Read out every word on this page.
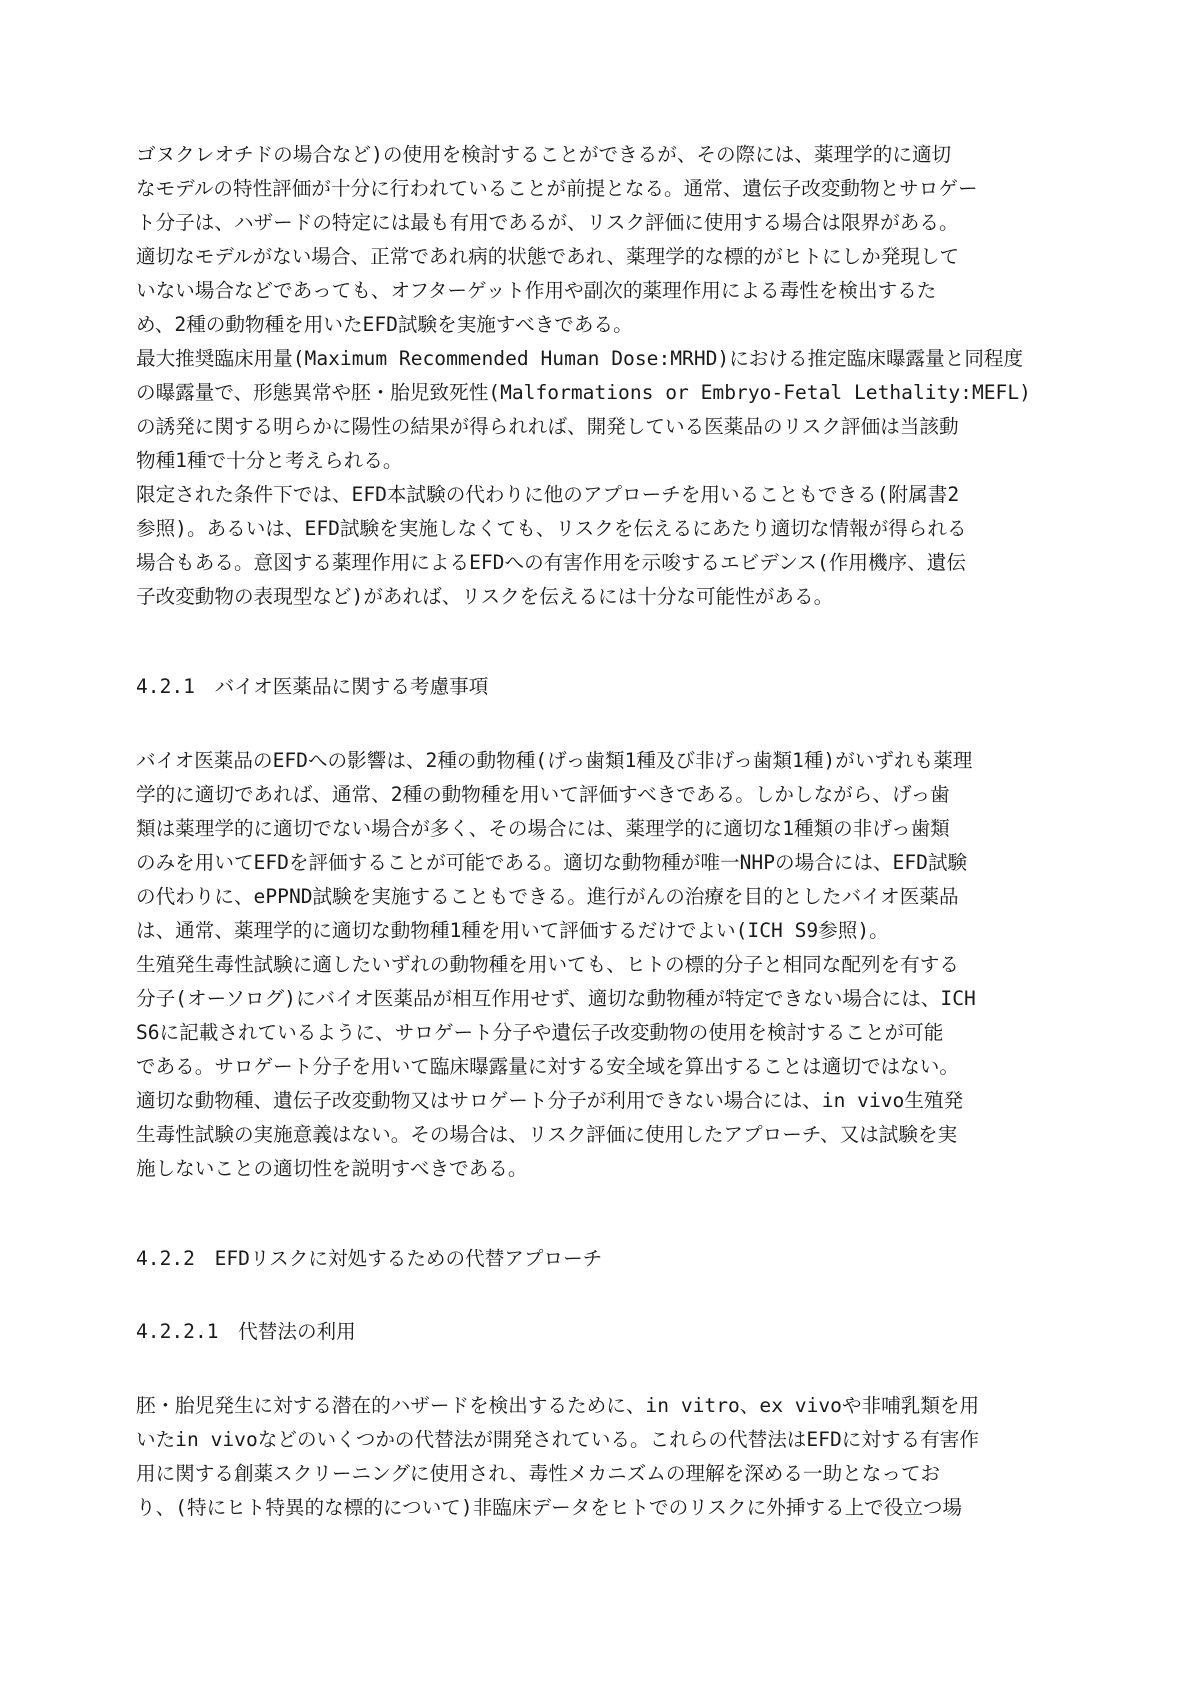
ゴヌクレオチドの場合など)の使用を検討することができるが、その際には、薬理学的に適切
なモデルの特性評価が十分に行われていることが前提となる。通常、遺伝子改変動物とサロゲー
ト分子は、ハザードの特定には最も有用であるが、リスク評価に使用する場合は限界がある。
適切なモデルがない場合、正常であれ病的状態であれ、薬理学的な標的がヒトにしか発現して
いない場合などであっても、オフターゲット作用や副次的薬理作用による毒性を検出するた
め、2種の動物種を用いたEFD試験を実施すべきである。
最大推奨臨床用量(Maximum Recommended Human Dose:MRHD)における推定臨床曝露量と同程度
の曝露量で、形態異常や胚・胎児致死性(Malformations or Embryo-Fetal Lethality:MEFL)
の誘発に関する明らかに陽性の結果が得られれば、開発している医薬品のリスク評価は当該動
物種1種で十分と考えられる。
限定された条件下では、EFD本試験の代わりに他のアプローチを用いることもできる(附属書2
参照)。あるいは、EFD試験を実施しなくても、リスクを伝えるにあたり適切な情報が得られる
場合もある。意図する薬理作用によるEFDへの有害作用を示唆するエビデンス(作用機序、遺伝
子改変動物の表現型など)があれば、リスクを伝えるには十分な可能性がある。
4.2.1　バイオ医薬品に関する考慮事項
バイオ医薬品のEFDへの影響は、2種の動物種(げっ歯類1種及び非げっ歯類1種)がいずれも薬理
学的に適切であれば、通常、2種の動物種を用いて評価すべきである。しかしながら、げっ歯
類は薬理学的に適切でない場合が多く、その場合には、薬理学的に適切な1種類の非げっ歯類
のみを用いてEFDを評価することが可能である。適切な動物種が唯一NHPの場合には、EFD試験
の代わりに、ePPND試験を実施することもできる。進行がんの治療を目的としたバイオ医薬品
は、通常、薬理学的に適切な動物種1種を用いて評価するだけでよい(ICH S9参照)。
生殖発生毒性試験に適したいずれの動物種を用いても、ヒトの標的分子と相同な配列を有する
分子(オーソログ)にバイオ医薬品が相互作用せず、適切な動物種が特定できない場合には、ICH
S6に記載されているように、サロゲート分子や遺伝子改変動物の使用を検討することが可能
である。サロゲート分子を用いて臨床曝露量に対する安全域を算出することは適切ではない。
適切な動物種、遺伝子改変動物又はサロゲート分子が利用できない場合には、in vivo生殖発
生毒性試験の実施意義はない。その場合は、リスク評価に使用したアプローチ、又は試験を実
施しないことの適切性を説明すべきである。
4.2.2　EFDリスクに対処するための代替アプローチ
4.2.2.1　代替法の利用
胚・胎児発生に対する潜在的ハザードを検出するために、in vitro、ex vivoや非哺乳類を用
いたin vivoなどのいくつかの代替法が開発されている。これらの代替法はEFDに対する有害作
用に関する創薬スクリーニングに使用され、毒性メカニズムの理解を深める一助となってお
り、(特にヒト特異的な標的について)非臨床データをヒトでのリスクに外挿する上で役立つ場
